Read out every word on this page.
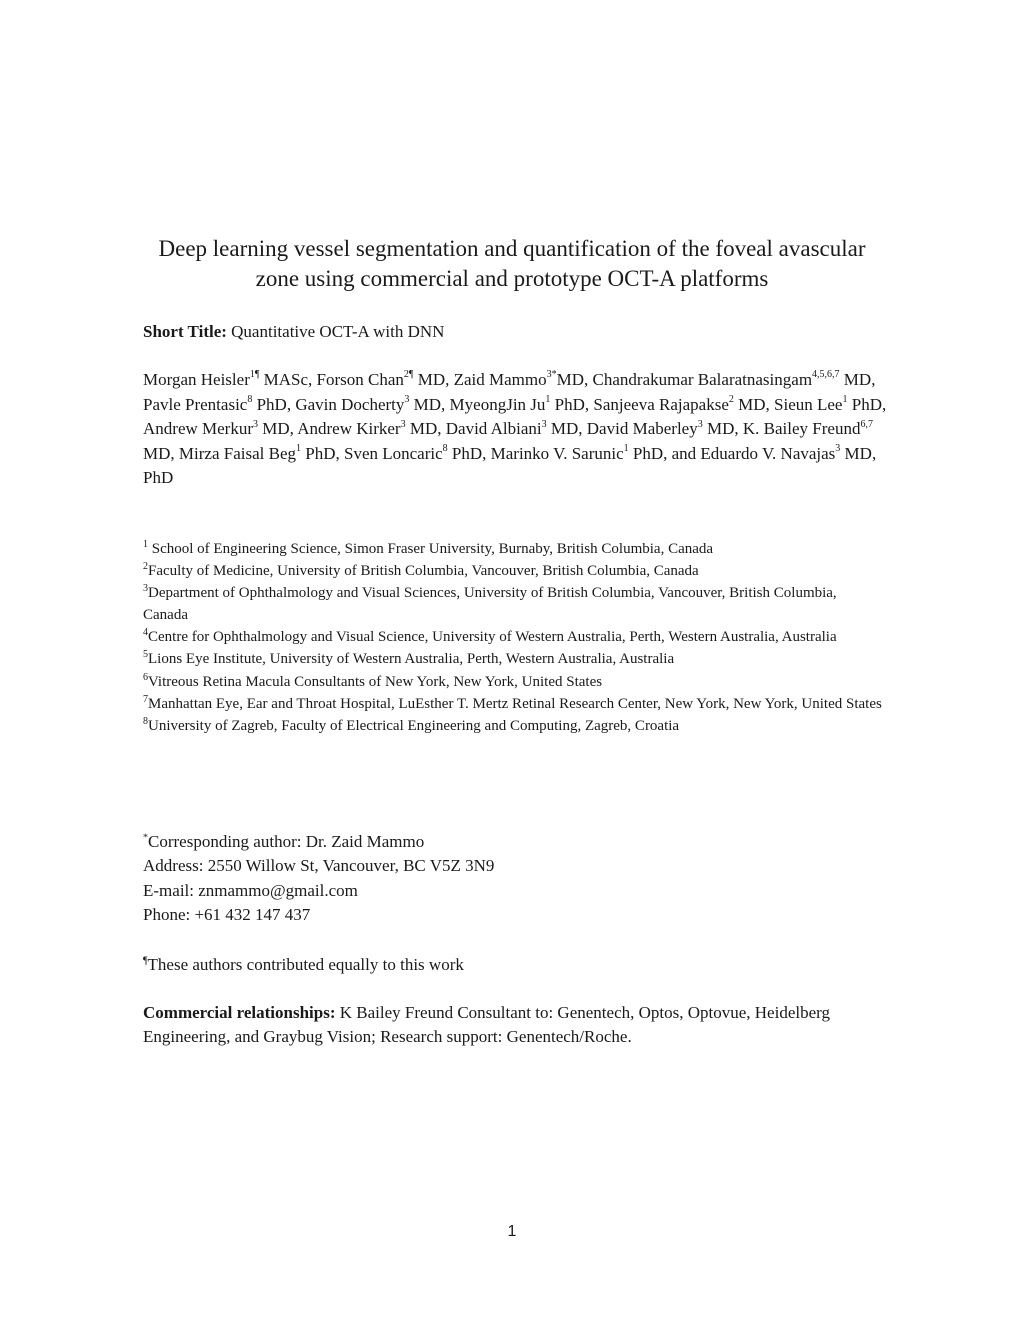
Deep learning vessel segmentation and quantification of the foveal avascular
zone using commercial and prototype OCT-A platforms
Short Title: Quantitative OCT-A with DNN
Morgan Heisler$^{1\P}$ MASc, Forson Chan$^{2\P}$ MD, Zaid Mammo$^{3*}$MD, Chandrakumar Balaratnasingam$^{4,5,6,7}$ MD, Pavle Prentasic$^8$ PhD, Gavin Docherty$^3$ MD, MyeongJin Ju$^1$ PhD, Sanjeeva Rajapakse$^2$ MD, Sieun Lee$^1$ PhD, Andrew Merkur$^3$ MD, Andrew Kirker$^3$ MD, David Albiani$^3$ MD, David Maberley$^3$ MD, K. Bailey Freund$^{6,7}$ MD, Mirza Faisal Beg$^1$ PhD, Sven Loncaric$^8$ PhD, Marinko V. Sarunic$^1$ PhD, and Eduardo V. Navajas$^3$ MD, PhD
$^1$ School of Engineering Science, Simon Fraser University, Burnaby, British Columbia, Canada
$^2$Faculty of Medicine, University of British Columbia, Vancouver, British Columbia, Canada
$^3$Department of Ophthalmology and Visual Sciences, University of British Columbia, Vancouver, British Columbia, Canada
$^4$Centre for Ophthalmology and Visual Science, University of Western Australia, Perth, Western Australia, Australia
$^5$Lions Eye Institute, University of Western Australia, Perth, Western Australia, Australia
$^6$Vitreous Retina Macula Consultants of New York, New York, United States
$^7$Manhattan Eye, Ear and Throat Hospital, LuEsther T. Mertz Retinal Research Center, New York, New York, United States
$^8$University of Zagreb, Faculty of Electrical Engineering and Computing, Zagreb, Croatia
*Corresponding author: Dr. Zaid Mammo
Address: 2550 Willow St, Vancouver, BC V5Z 3N9
E-mail: znmammo@gmail.com
Phone: +61 432 147 437
¶These authors contributed equally to this work
Commercial relationships: K Bailey Freund Consultant to: Genentech, Optos, Optovue, Heidelberg Engineering, and Graybug Vision; Research support: Genentech/Roche.
1
